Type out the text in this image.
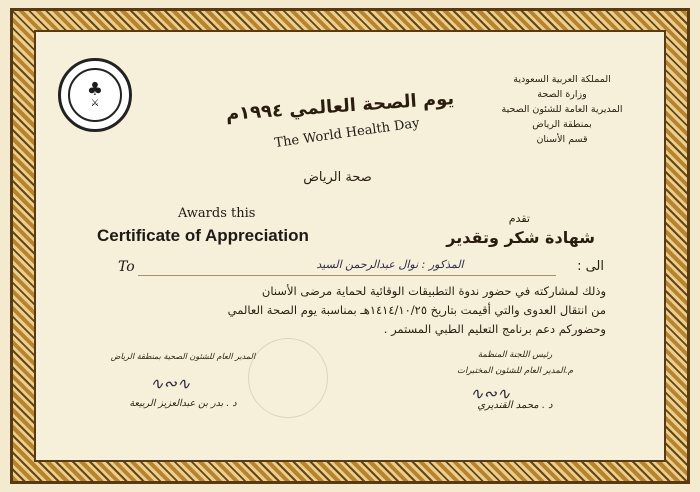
♣
⚔
المملكة العربية السعودية
وزارة الصحة
المديرية العامة للشئون الصحية
بمنطقة الرياض
قسم الأسنان
يوم الصحة العالمي ١٩٩٤م
The World Health Day
صحة الرياض
Awards this
Certificate of Appreciation
تقدم
شهادة شكر وتقدير
To	المذكور : نوال عبدالرحمن السيد	الى :
وذلك لمشاركته في حضور ندوة التطبيقات الوقائية لحماية مرضى الأسنان
من انتقال العدوى والتي أقيمت بتاريخ ١٤١٤/١٠/٢٥هـ بمناسبة يوم الصحة العالمي
وحضوركم دعم برنامج التعليم الطبي المستمر .
المدير العام للشئون الصحية بمنطقة الرياض
∿∾∿
د . بدر بن عبدالعزيز الربيعة
رئيس اللجنة المنظمة
م.المدير العام للشئون المختبرات
∿∾∿
د . محمد القنديري
